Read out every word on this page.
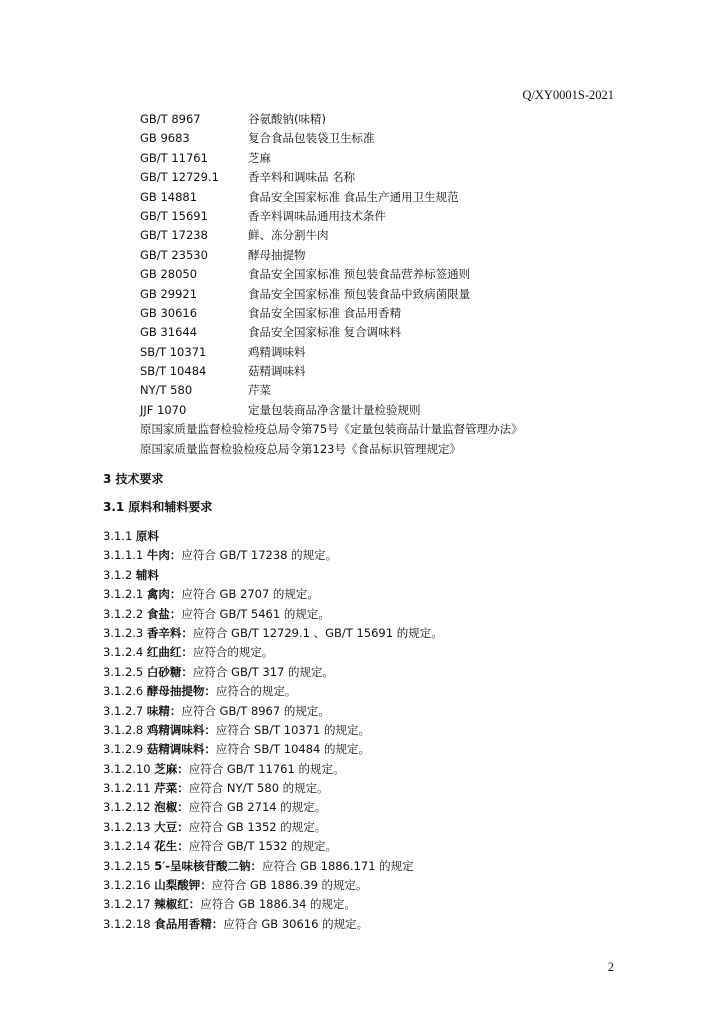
Q/XY0001S-2021
GB/T 8967	谷氨酸钠(味精)
GB 9683	复合食品包装袋卫生标准
GB/T 11761	芝麻
GB/T 12729.1	香辛料和调味品 名称
GB 14881	食品安全国家标准 食品生产通用卫生规范
GB/T 15691	香辛料调味品通用技术条件
GB/T 17238	鲜、冻分割牛肉
GB/T 23530	酵母抽提物
GB 28050	食品安全国家标准 预包装食品营养标签通则
GB 29921	食品安全国家标准 预包装食品中致病菌限量
GB 30616	食品安全国家标准 食品用香精
GB 31644	食品安全国家标准 复合调味料
SB/T 10371	鸡精调味料
SB/T 10484	菇精调味料
NY/T 580	芹菜
JJF 1070	定量包装商品净含量计量检验规则
原国家质量监督检验检疫总局令第75号《定量包装商品计量监督管理办法》
原国家质量监督检验检疫总局令第123号《食品标识管理规定》
3 技术要求
3.1 原料和辅料要求
3.1.1 原料
3.1.1.1 牛肉：应符合 GB/T 17238 的规定。
3.1.2 辅料
3.1.2.1 禽肉：应符合 GB 2707 的规定。
3.1.2.2 食盐：应符合 GB/T 5461 的规定。
3.1.2.3 香辛料：应符合 GB/T 12729.1 、GB/T 15691 的规定。
3.1.2.4 红曲红：应符合的规定。
3.1.2.5 白砂糖：应符合 GB/T 317 的规定。
3.1.2.6 酵母抽提物：应符合的规定。
3.1.2.7 味精：应符合 GB/T 8967 的规定。
3.1.2.8 鸡精调味料：应符合 SB/T 10371 的规定。
3.1.2.9 菇精调味料：应符合 SB/T 10484 的规定。
3.1.2.10 芝麻：应符合 GB/T 11761 的规定。
3.1.2.11 芹菜：应符合 NY/T 580 的规定。
3.1.2.12 泡椒：应符合 GB 2714 的规定。
3.1.2.13 大豆：应符合 GB 1352 的规定。
3.1.2.14 花生：应符合 GB/T 1532 的规定。
3.1.2.15 5′-呈味核苷酸二钠：应符合 GB 1886.171 的规定
3.1.2.16 山梨酸钾：应符合 GB 1886.39 的规定。
3.1.2.17 辣椒红：应符合 GB 1886.34 的规定。
3.1.2.18 食品用香精：应符合 GB 30616 的规定。
2
